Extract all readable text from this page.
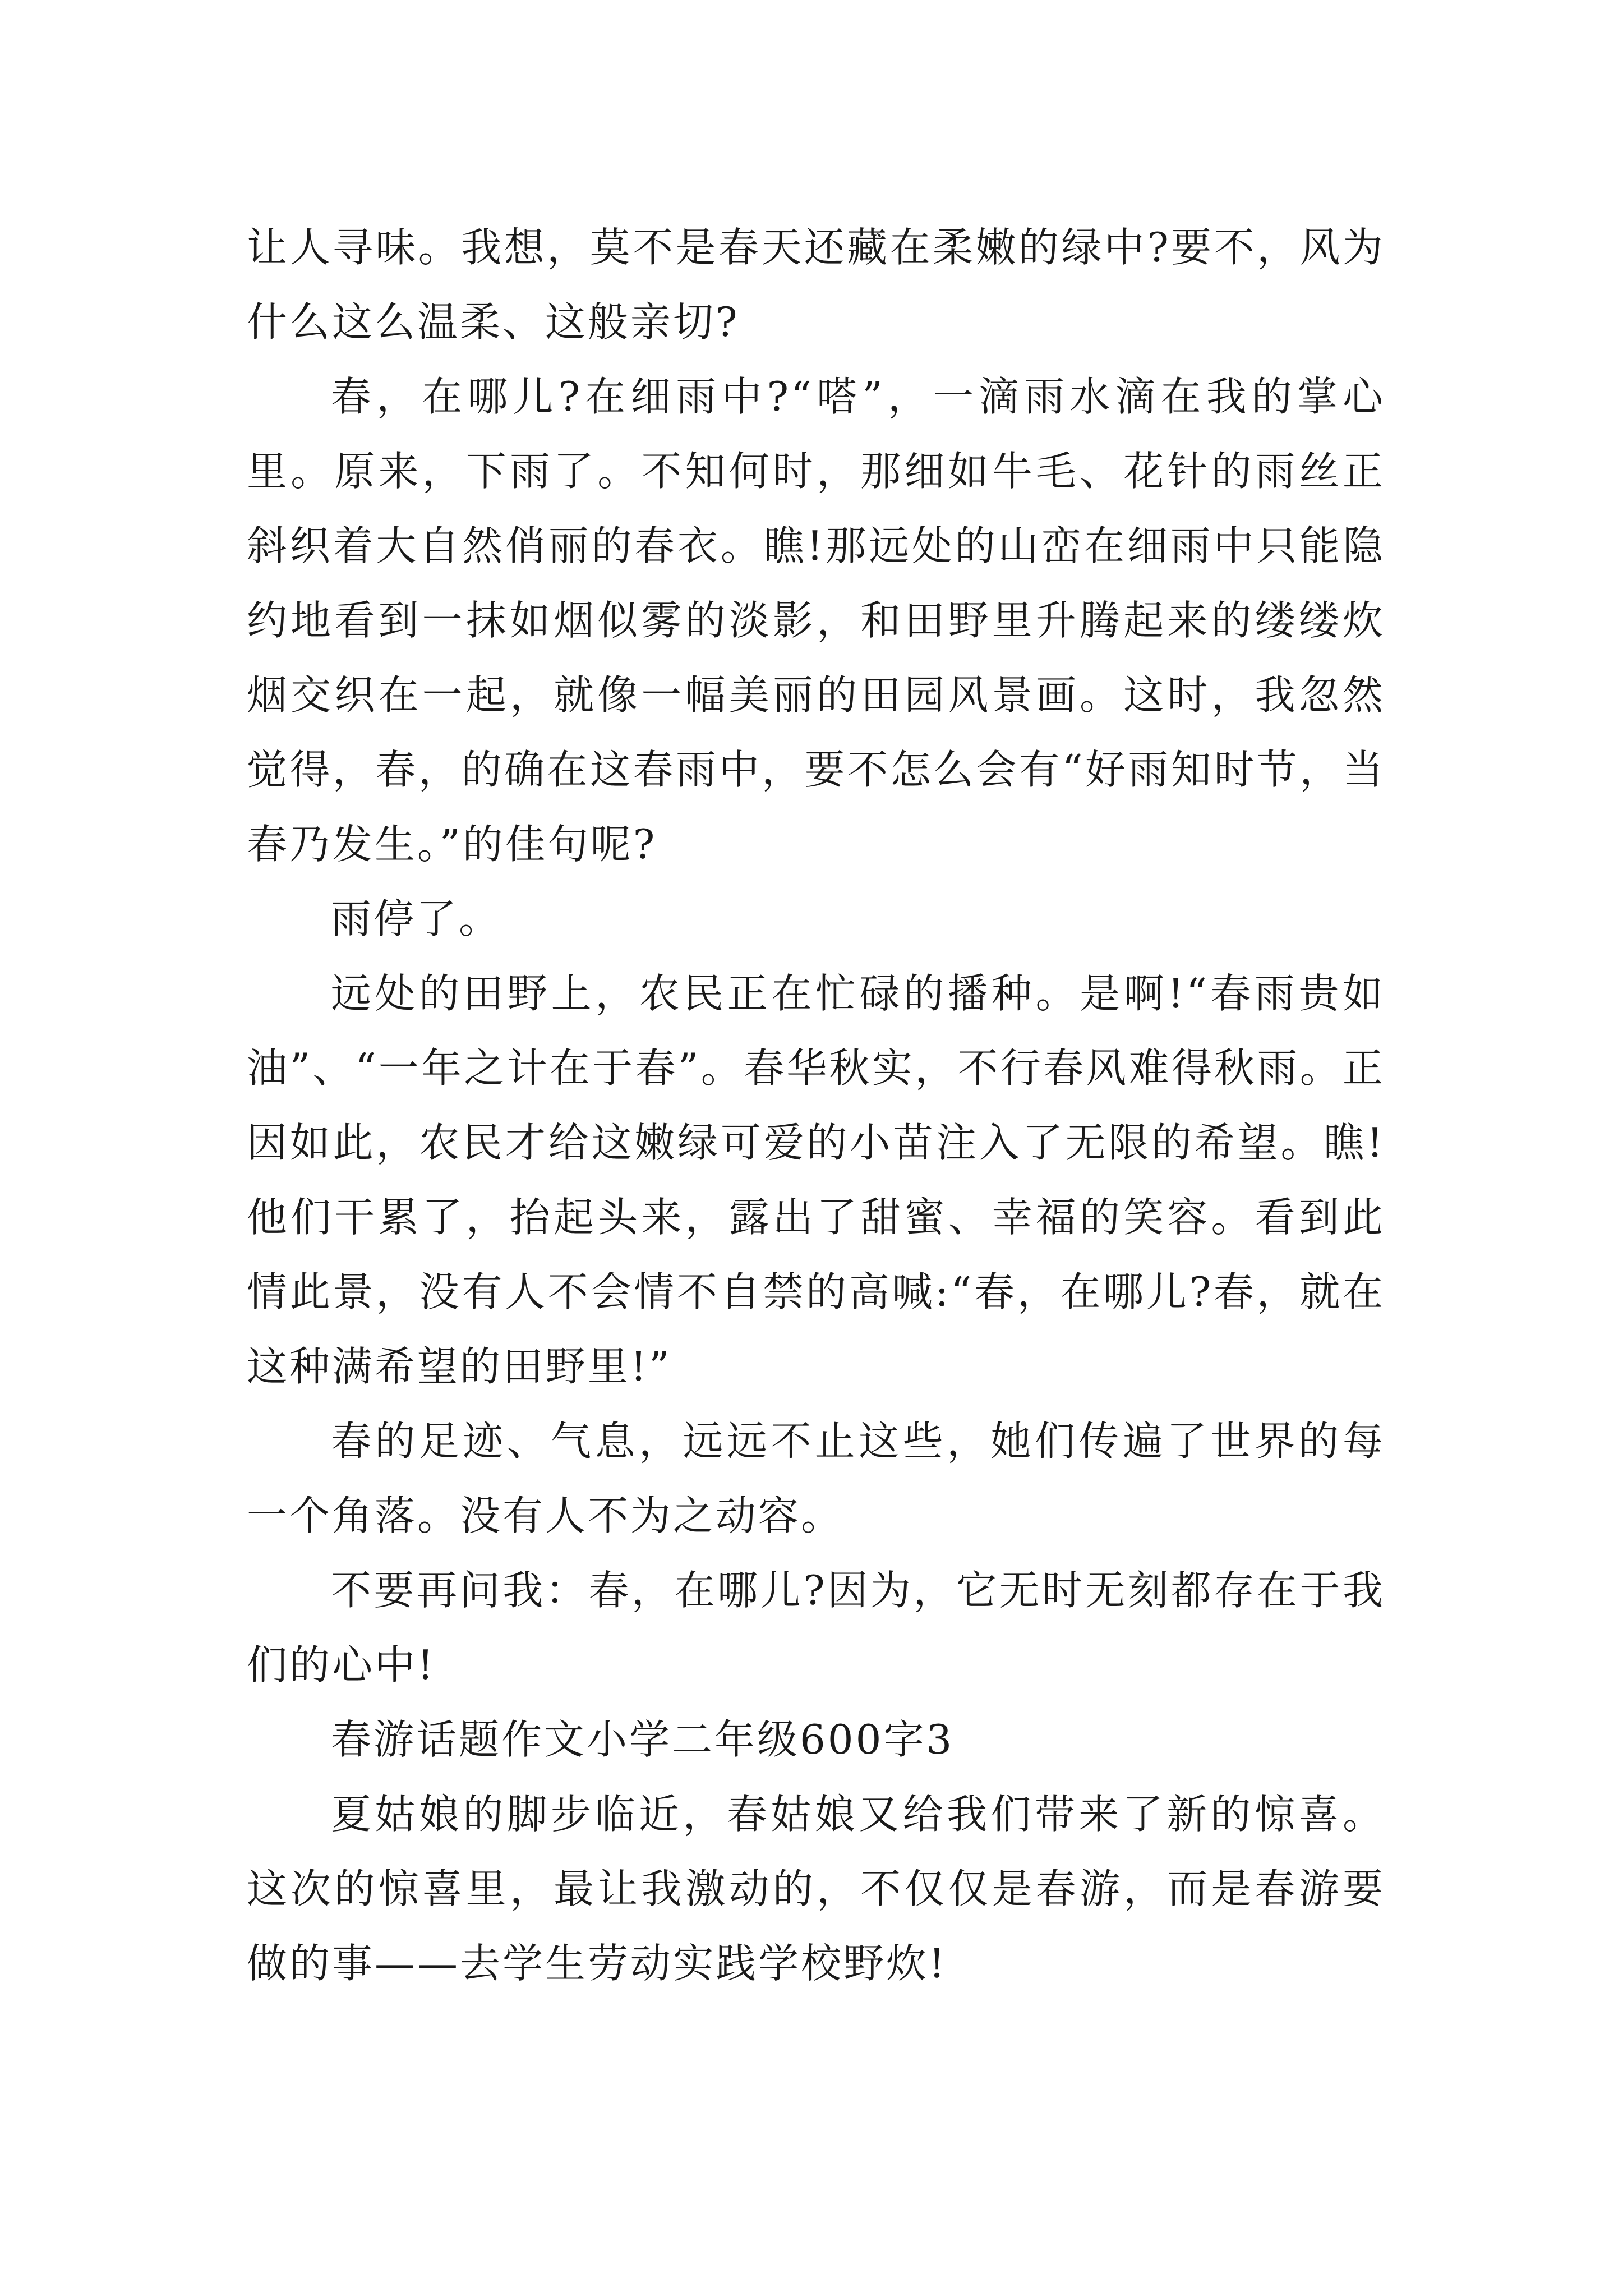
让人寻味。我想，莫不是春天还藏在柔嫩的绿中?要不，风为什么这么温柔、这般亲切?

春，在哪儿?在细雨中?“嗒”，一滴雨水滴在我的掌心里。原来，下雨了。不知何时，那细如牛毛、花针的雨丝正斜织着大自然俏丽的春衣。瞧!那远处的山峦在细雨中只能隐约地看到一抹如烟似雾的淡影，和田野里升腾起来的缕缕炊烟交织在一起，就像一幅美丽的田园风景画。这时，我忽然觉得，春，的确在这春雨中，要不怎么会有“好雨知时节，当春乃发生。”的佳句呢?

雨停了。

远处的田野上，农民正在忙碌的播种。是啊!“春雨贵如油”、“一年之计在于春”。春华秋实，不行春风难得秋雨。正因如此，农民才给这嫩绿可爱的小苗注入了无限的希望。瞧!他们干累了，抬起头来，露出了甜蜜、幸福的笑容。看到此情此景，没有人不会情不自禁的高喊:“春，在哪儿?春，就在这种满希望的田野里!”

春的足迹、气息，远远不止这些，她们传遍了世界的每一个角落。没有人不为之动容。

不要再问我：春，在哪儿?因为，它无时无刻都存在于我们的心中!

春游话题作文小学二年级600字3

夏姑娘的脚步临近，春姑娘又给我们带来了新的惊喜。这次的惊喜里，最让我激动的，不仅仅是春游，而是春游要做的事——去学生劳动实践学校野炊!
